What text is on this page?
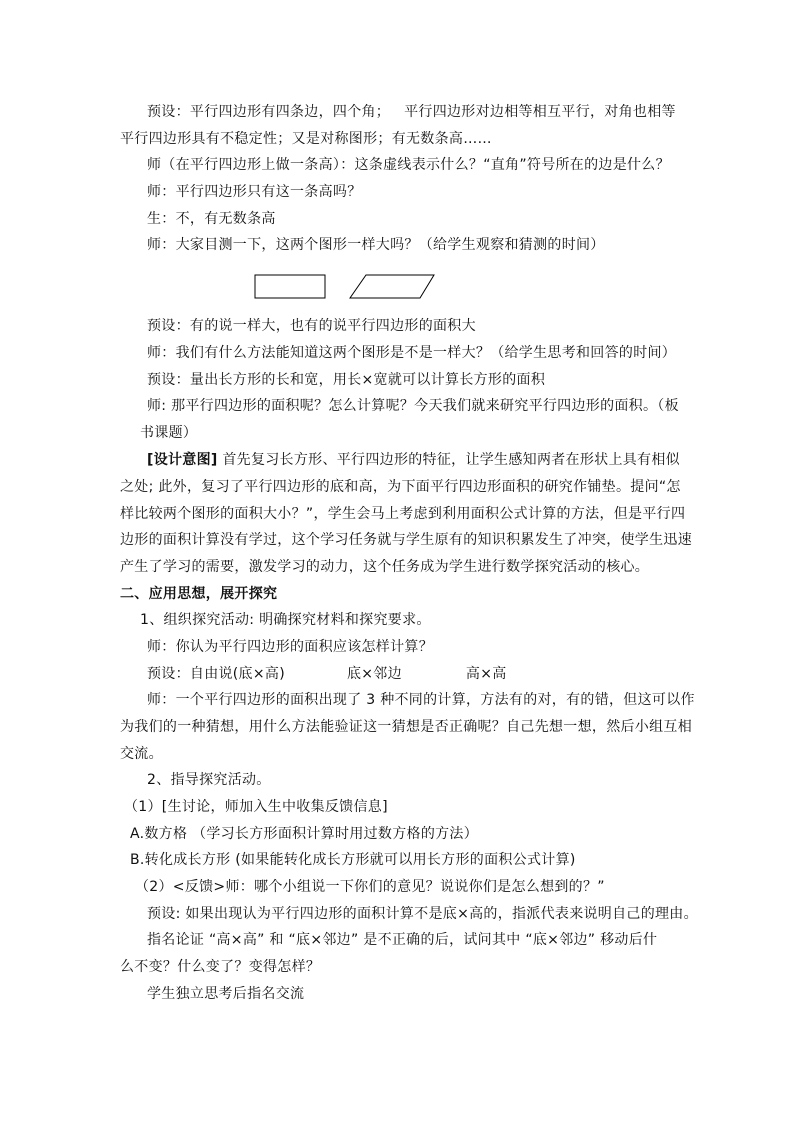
预设：平行四边形有四条边，四个角； 平行四边形对边相等相互平行，对角也相等
平行四边形具有不稳定性；又是对称图形；有无数条高……
师（在平行四边形上做一条高）：这条虚线表示什么？“直角”符号所在的边是什么？
师：平行四边形只有这一条高吗？
生：不，有无数条高
师：大家目测一下，这两个图形一样大吗？（给学生观察和猜测的时间）
预设：有的说一样大，也有的说平行四边形的面积大
师：我们有什么方法能知道这两个图形是不是一样大？（给学生思考和回答的时间）
预设：量出长方形的长和宽，用长×宽就可以计算长方形的面积
师: 那平行四边形的面积呢？怎么计算呢？今天我们就来研究平行四边形的面积。（板
书课题）
[设计意图] 首先复习长方形、平行四边形的特征，让学生感知两者在形状上具有相似
之处; 此外，复习了平行四边形的底和高，为下面平行四边形面积的研究作铺垫。提问“怎
样比较两个图形的面积大小？”，学生会马上考虑到利用面积公式计算的方法，但是平行四
边形的面积计算没有学过，这个学习任务就与学生原有的知识积累发生了冲突，使学生迅速
产生了学习的需要，激发学习的动力，这个任务成为学生进行数学探究活动的核心。
二、应用思想，展开探究
1、组织探究活动: 明确探究材料和探究要求。
师：你认为平行四边形的面积应该怎样计算？
预设：自由说(底×高)	底×邻边	高×高
师：一个平行四边形的面积出现了 3 种不同的计算，方法有的对，有的错，但这可以作
为我们的一种猜想，用什么方法能验证这一猜想是否正确呢？自己先想一想，然后小组互相
交流。
2、指导探究活动。
（1）[生讨论，师加入生中收集反馈信息]
A.数方格 （学习长方形面积计算时用过数方格的方法）
B.转化成长方形 (如果能转化成长方形就可以用长方形的面积公式计算)
（2）<反馈>师：哪个小组说一下你们的意见？说说你们是怎么想到的？”
预设: 如果出现认为平行四边形的面积计算不是底×高的，指派代表来说明自己的理由。
指名论证 “高×高” 和 “底×邻边” 是不正确的后，试问其中 “底×邻边” 移动后什
么不变？什么变了？变得怎样？
学生独立思考后指名交流
